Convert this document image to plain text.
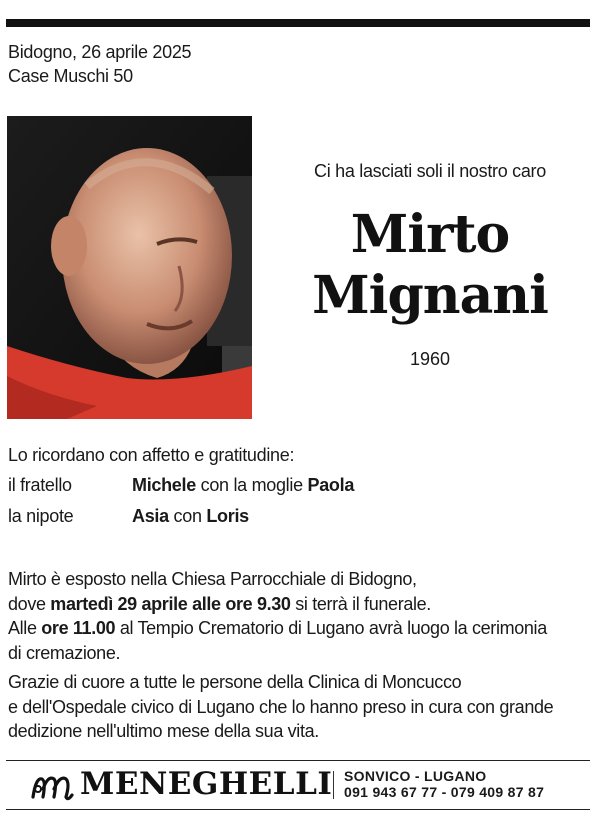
Bidogno, 26 aprile 2025
Case Muschi 50
Ci ha lasciati soli il nostro caro
Mirto
Mignani
1960
Lo ricordano con affetto e gratitudine:
il fratello	Michele con la moglie Paola
la nipote	Asia con Loris
Mirto è esposto nella Chiesa Parrocchiale di Bidogno,
dove martedì 29 aprile alle ore 9.30 si terrà il funerale.
Alle ore 11.00 al Tempio Crematorio di Lugano avrà luogo la cerimonia
di cremazione.
Grazie di cuore a tutte le persone della Clinica di Moncucco
e dell'Ospedale civico di Lugano che lo hanno preso in cura con grande
dedizione nell'ultimo mese della sua vita.
MENEGHELLI SONVICO - LUGANO
091 943 67 77 - 079 409 87 87
